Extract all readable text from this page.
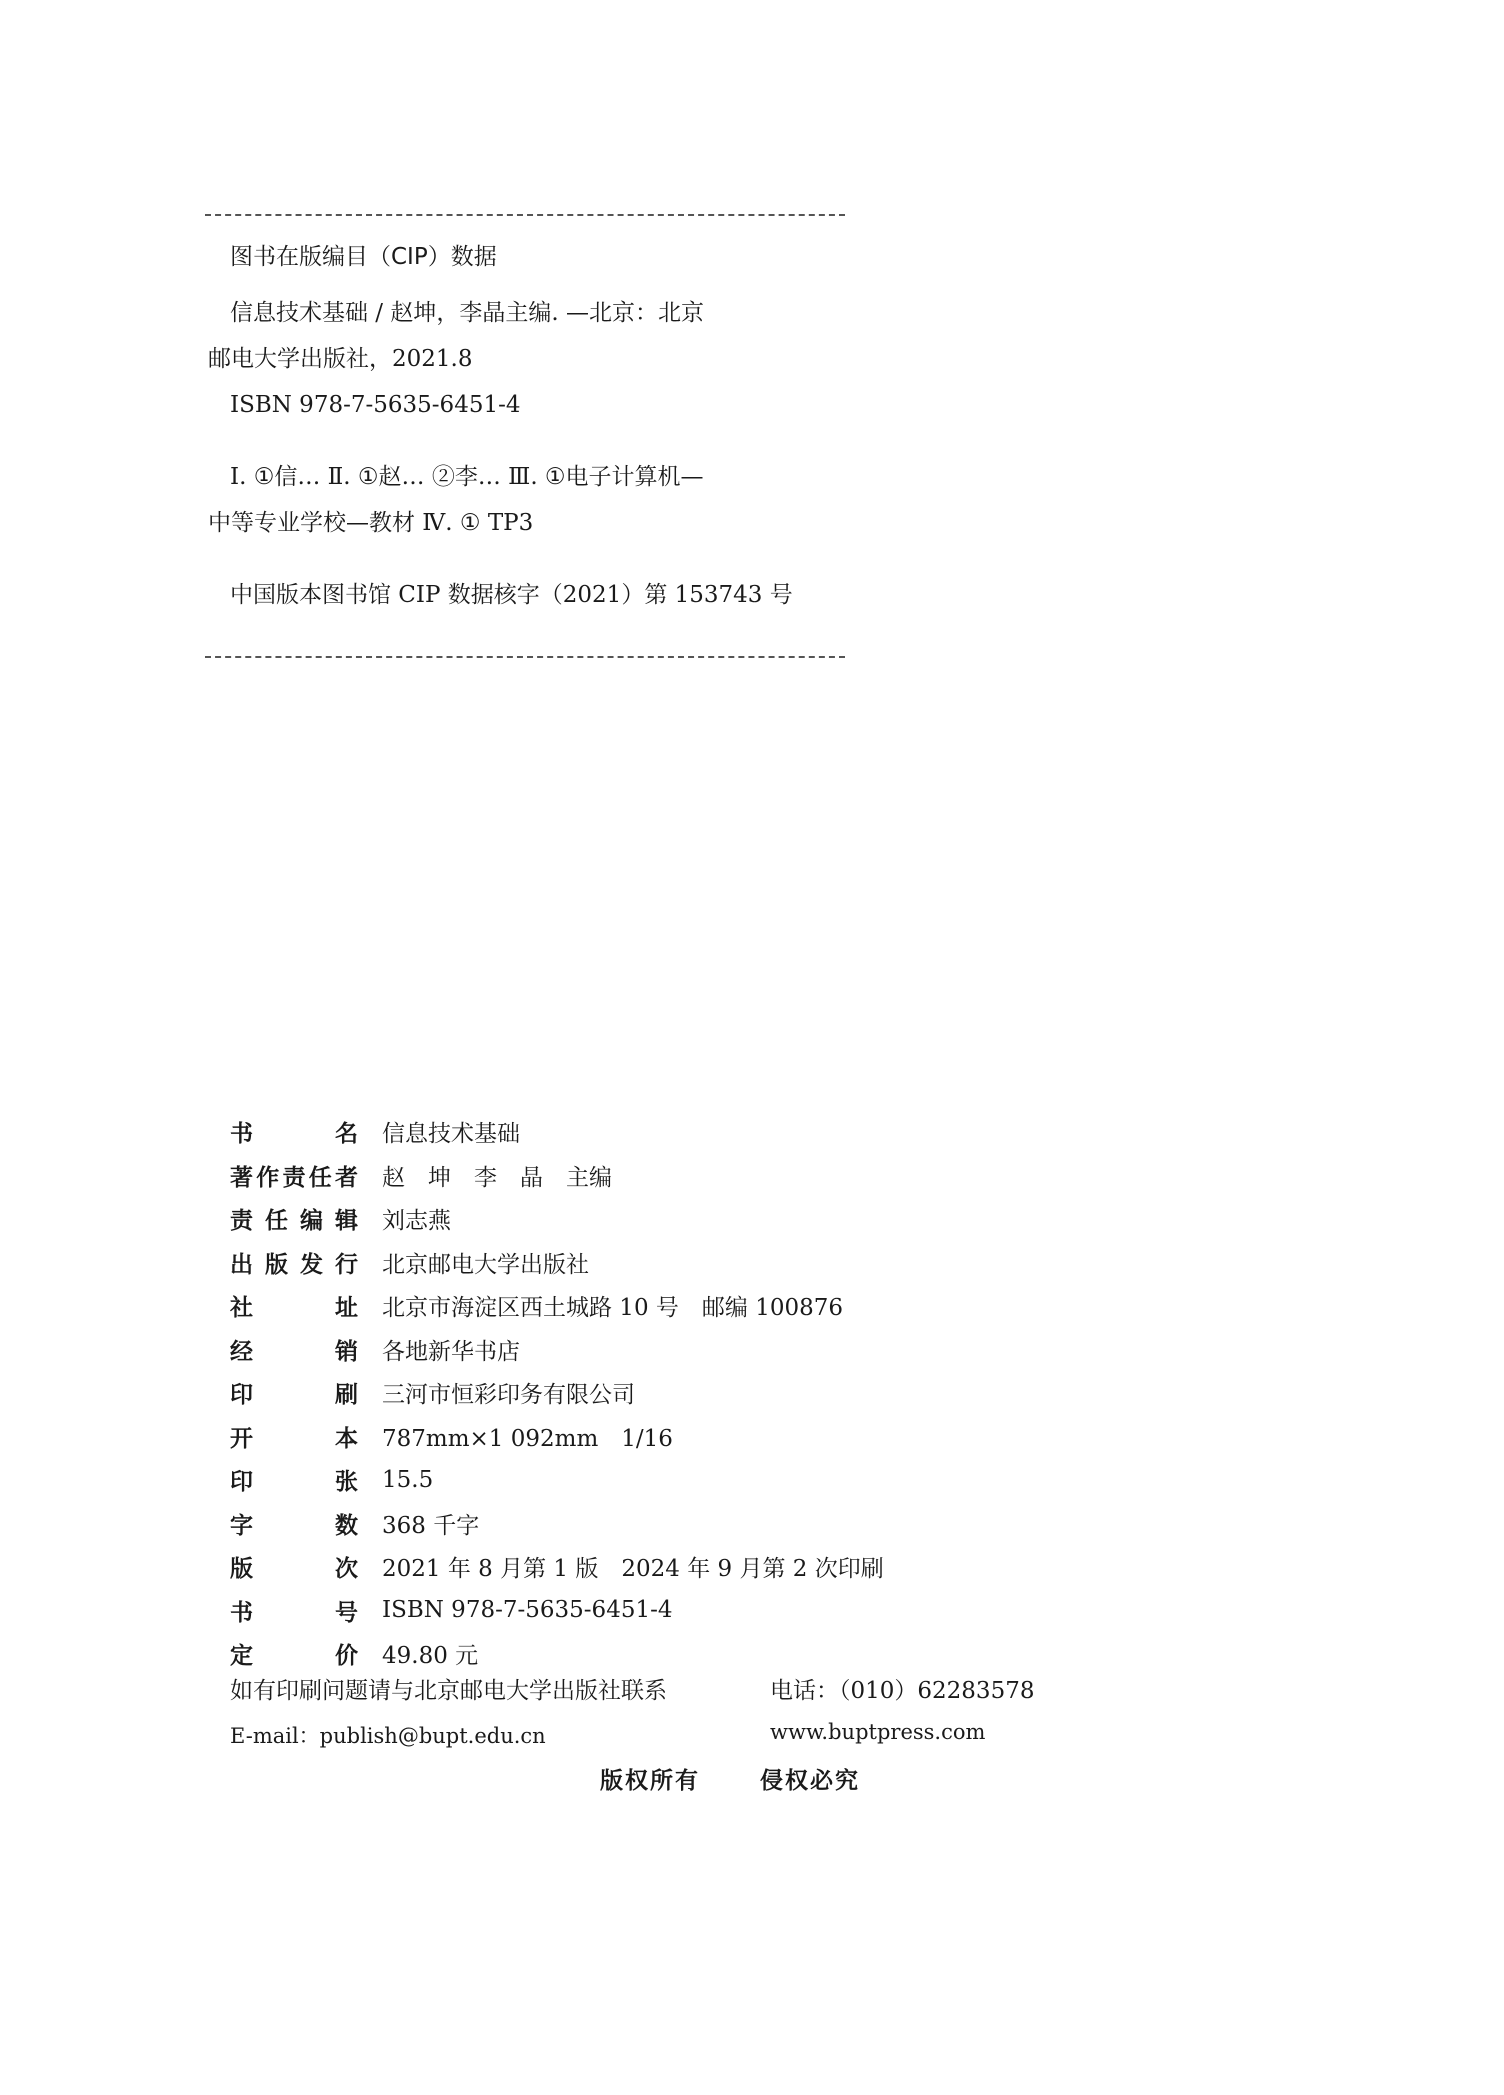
图书在版编目（CIP）数据
信息技术基础 / 赵坤，李晶主编. —北京：北京
邮电大学出版社，2021.8
ISBN 978-7-5635-6451-4
Ⅰ. ①信… Ⅱ. ①赵… ②李… Ⅲ. ①电子计算机—
中等专业学校—教材 Ⅳ. ① TP3
中国版本图书馆 CIP 数据核字（2021）第 153743 号
书	名 信息技术基础
著 作 责 任 者 赵　坤　李　晶　主编
责 任 编 辑 刘志燕
出 版 发 行 北京邮电大学出版社
社	址 北京市海淀区西土城路 10 号　邮编 100876
经	销 各地新华书店
印	刷 三河市恒彩印务有限公司
开	本 787mm×1 092mm　1/16
印	张 15.5
字	数 368 千字
版	次 2021 年 8 月第 1 版　2024 年 9 月第 2 次印刷
书	号 ISBN 978-7-5635-6451-4
定	价 49.80 元
如有印刷问题请与北京邮电大学出版社联系	电话：（010）62283578
E-mail：publish@bupt.edu.cn	www.buptpress.com
版权所有	侵权必究
